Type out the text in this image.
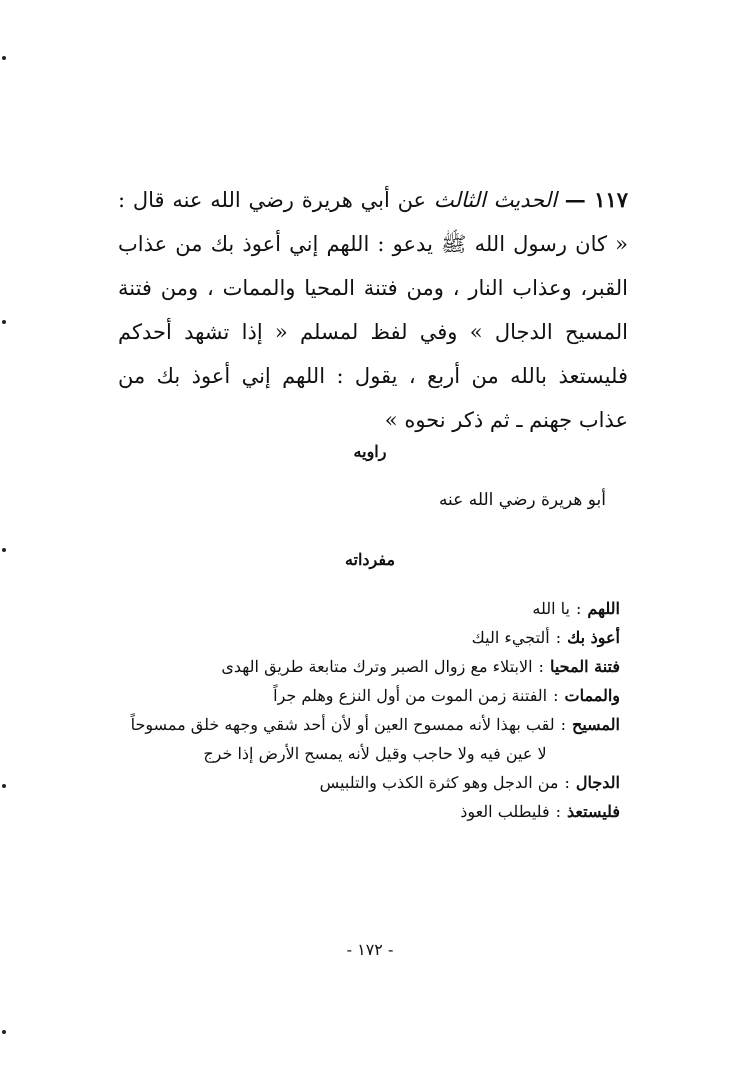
١١٧ — الحديث الثالث عن أبي هريرة رضي الله عنه قال : « كان رسول الله ﷺ يدعو : اللهم إني أعوذ بك من عذاب القبر، وعذاب النار ، ومن فتنة المحيا والممات ، ومن فتنة المسيح الدجال » وفي لفظ لمسلم « إذا تشهد أحدكم فليستعذ بالله من أربع ، يقول : اللهم إني أعوذ بك من عذاب جهنم ـ ثم ذكر نحوه »
راويه
أبو هريرة رضي الله عنه
مفرداته
اللهم:يا الله
أعوذ بك:ألتجيء اليك
فتنة المحيا:الابتلاء مع زوال الصبر وترك متابعة طريق الهدى
والممات:الفتنة زمن الموت من أول النزع وهلم جراً
المسيح:لقب بهذا لأنه ممسوح العين أو لأن أحد شقي وجهه خلق ممسوحاً
لا عين فيه ولا حاجب وقيل لأنه يمسح الأرض إذا خرج
الدجال:من الدجل وهو كثرة الكذب والتلبيس
فليستعذ:فليطلب العوذ
- ١٧٢ -
